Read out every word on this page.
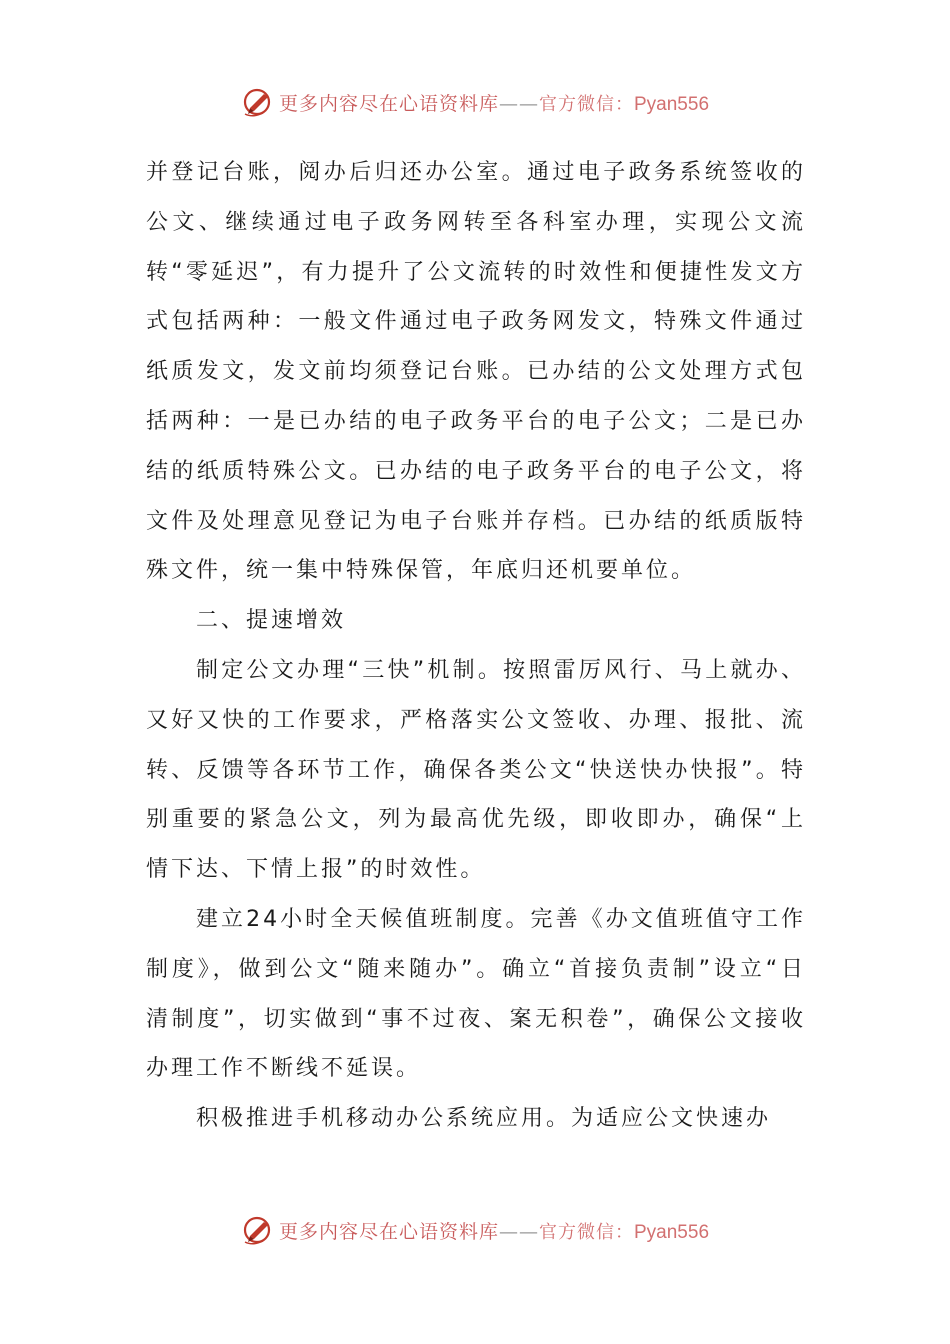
更多内容尽在心语资料库——官方微信：Pyan556

并登记台账，阅办后归还办公室。通过电子政务系统签收的公文、继续通过电子政务网转至各科室办理，实现公文流转“零延迟”，有力提升了公文流转的时效性和便捷性发文方式包括两种：一般文件通过电子政务网发文，特殊文件通过纸质发文，发文前均须登记台账。已办结的公文处理方式包括两种：一是已办结的电子政务平台的电子公文；二是已办结的纸质特殊公文。已办结的电子政务平台的电子公文，将文件及处理意见登记为电子台账并存档。已办结的纸质版特殊文件，统一集中特殊保管，年底归还机要单位。

二、提速增效

制定公文办理“三快”机制。按照雷厉风行、马上就办、又好又快的工作要求，严格落实公文签收、办理、报批、流转、反馈等各环节工作，确保各类公文“快送快办快报”。特别重要的紧急公文，列为最高优先级，即收即办，确保“上情下达、下情上报”的时效性。

建立24小时全天候值班制度。完善《办文值班值守工作制度》，做到公文“随来随办”。确立“首接负责制”设立“日清制度”，切实做到“事不过夜、案无积卷”，确保公文接收办理工作不断线不延误。

积极推进手机移动办公系统应用。为适应公文快速办

更多内容尽在心语资料库——官方微信：Pyan556
